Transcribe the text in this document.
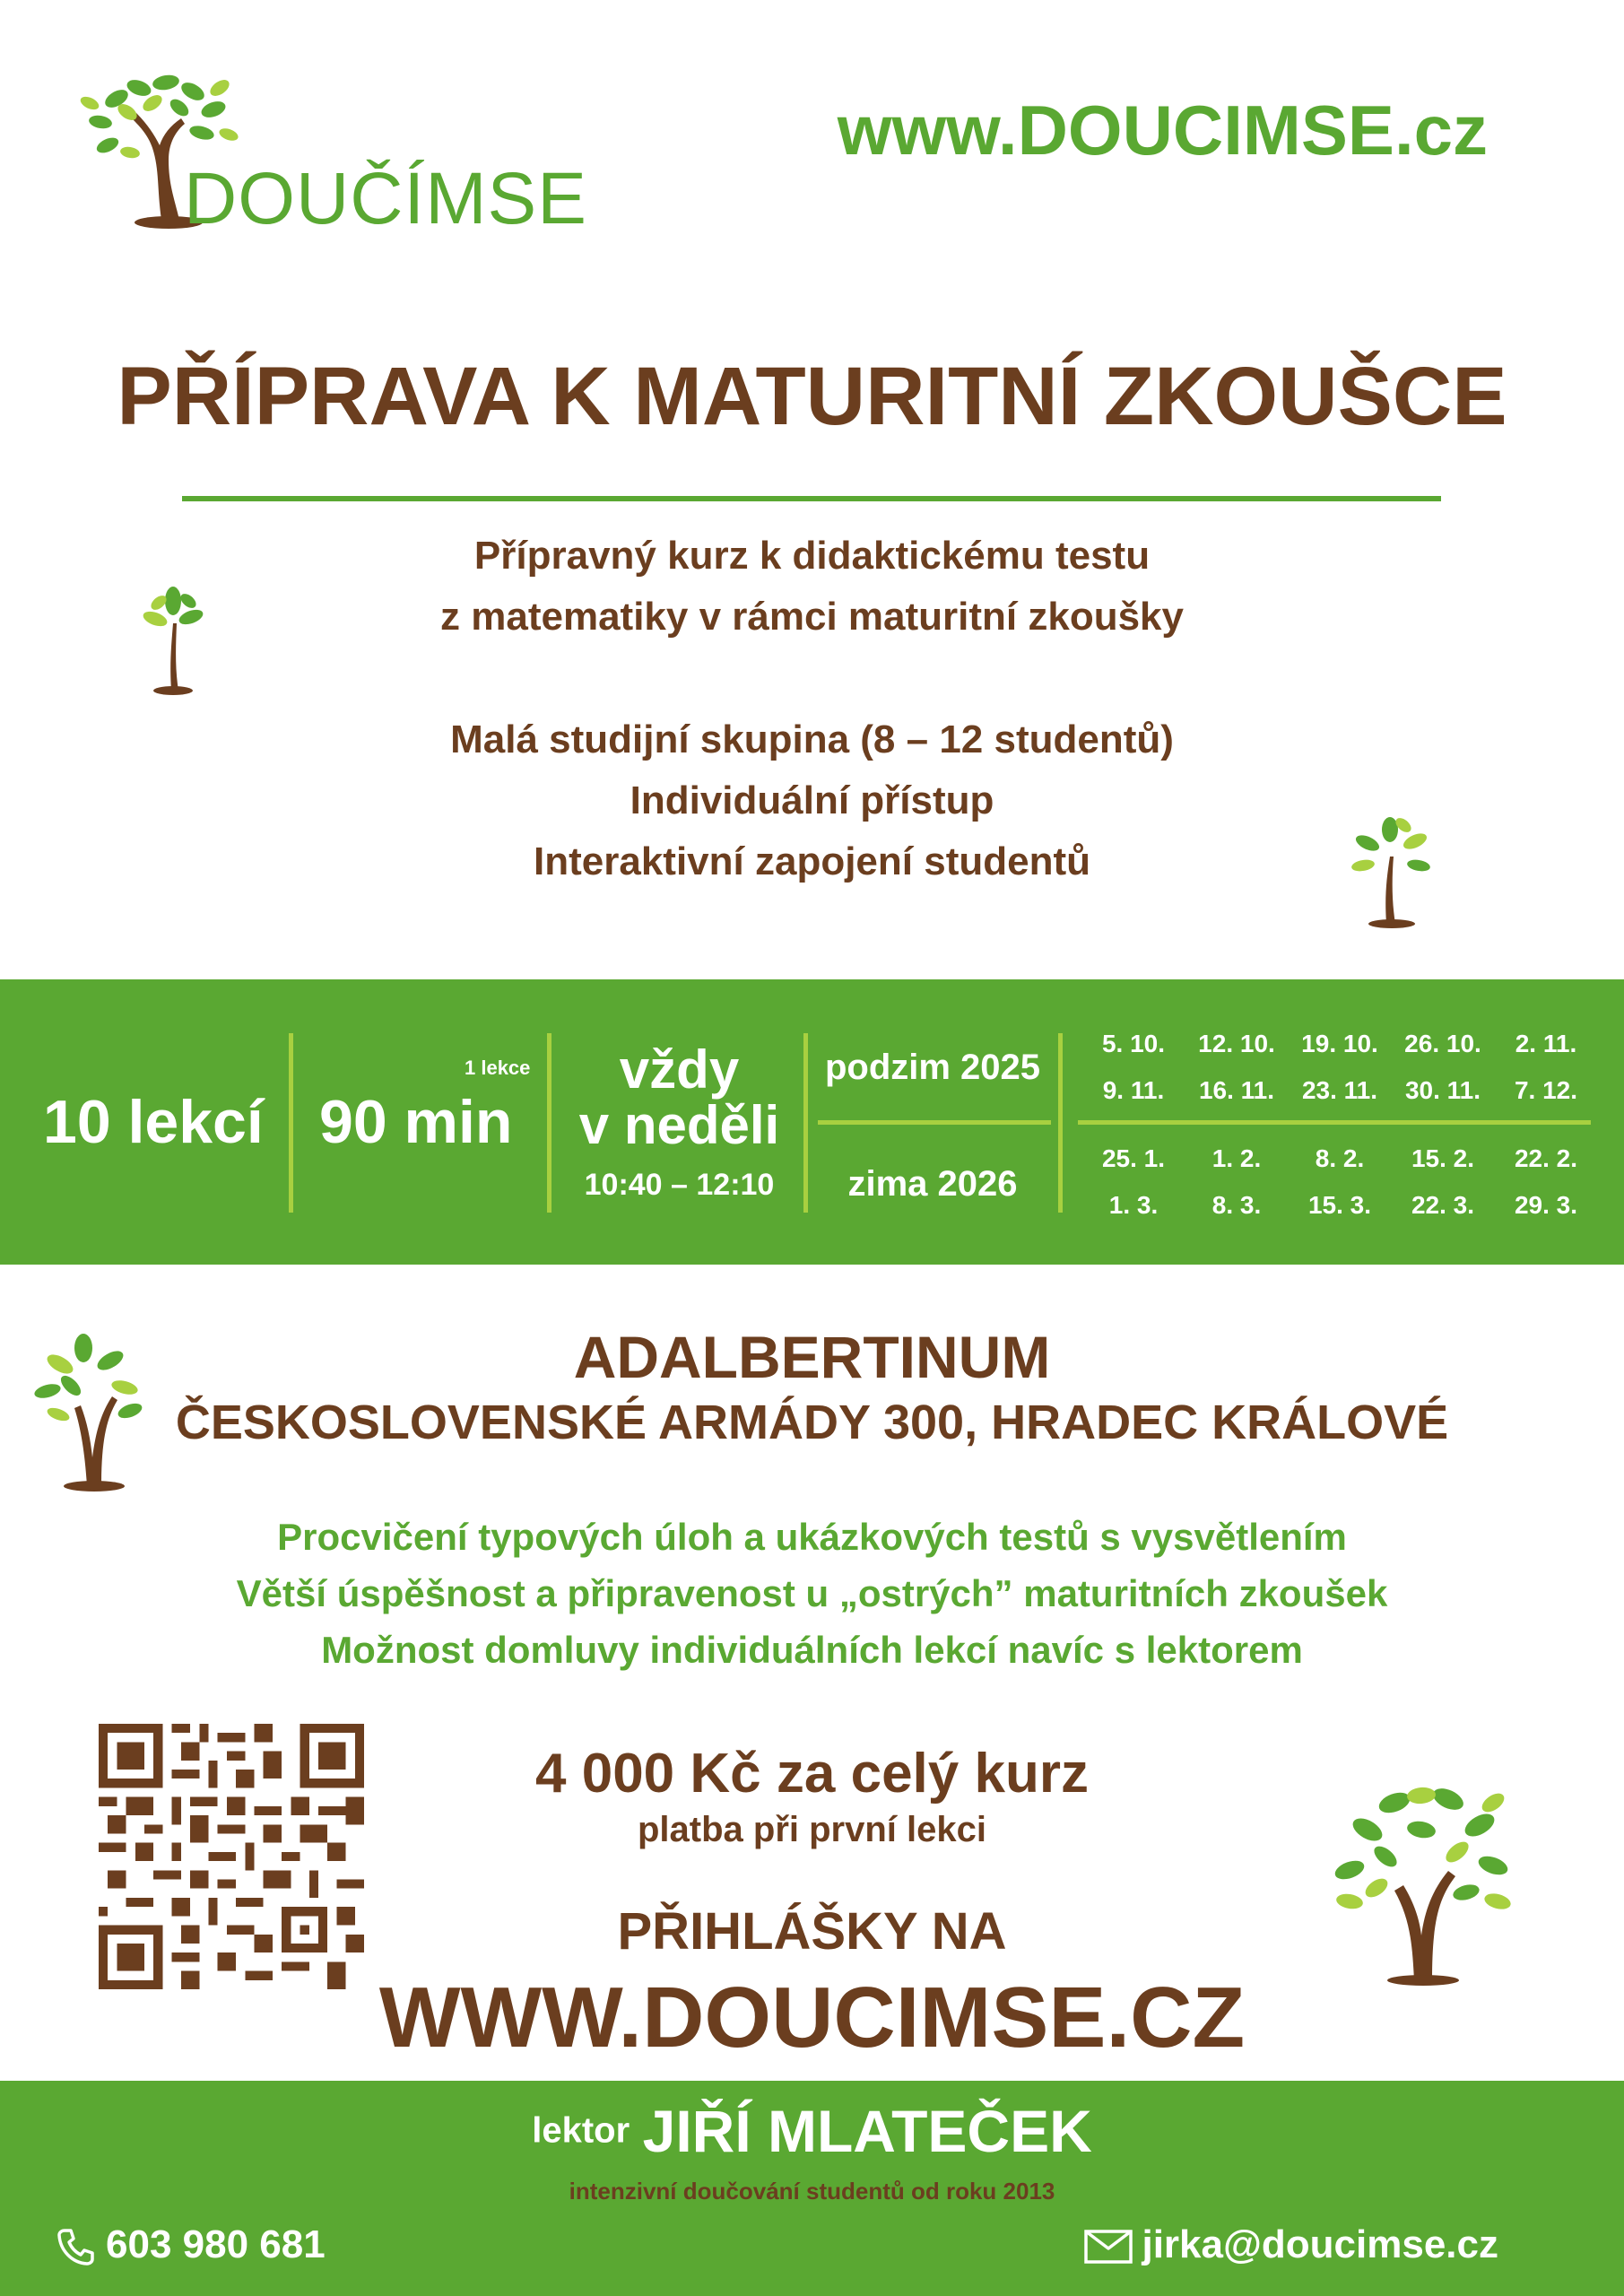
DOUČÍMSE
www.DOUCIMSE.cz
PŘÍPRAVA K MATURITNÍ ZKOUŠCE
Přípravný kurz k didaktickému testu
z matematiky v rámci maturitní zkoušky
Malá studijní skupina (8 – 12 studentů)
Individuální přístup
Interaktivní zapojení studentů
10 lekcí
1 lekce
90 min
vždy
v neděli
10:40 – 12:10
podzim 2025
zima 2026
5. 10.	12. 10.	19. 10.	26. 10.	2. 11.
9. 11.	16. 11.	23. 11.	30. 11.	7. 12.
25. 1.	1. 2.	8. 2.	15. 2.	22. 2.
1. 3.	8. 3.	15. 3.	22. 3.	29. 3.
ADALBERTINUM
ČESKOSLOVENSKÉ ARMÁDY 300, HRADEC KRÁLOVÉ
Procvičení typových úloh a ukázkových testů s vysvětlením
Větší úspěšnost a připravenost u „ostrých” maturitních zkoušek
Možnost domluvy individuálních lekcí navíc s lektorem
4 000 Kč za celý kurz
platba při první lekci
PŘIHLÁŠKY NA
WWW.DOUCIMSE.CZ
lektor JIŘÍ MLATEČEK
intenzivní doučování studentů od roku 2013
603 980 681	jirka@doucimse.cz
